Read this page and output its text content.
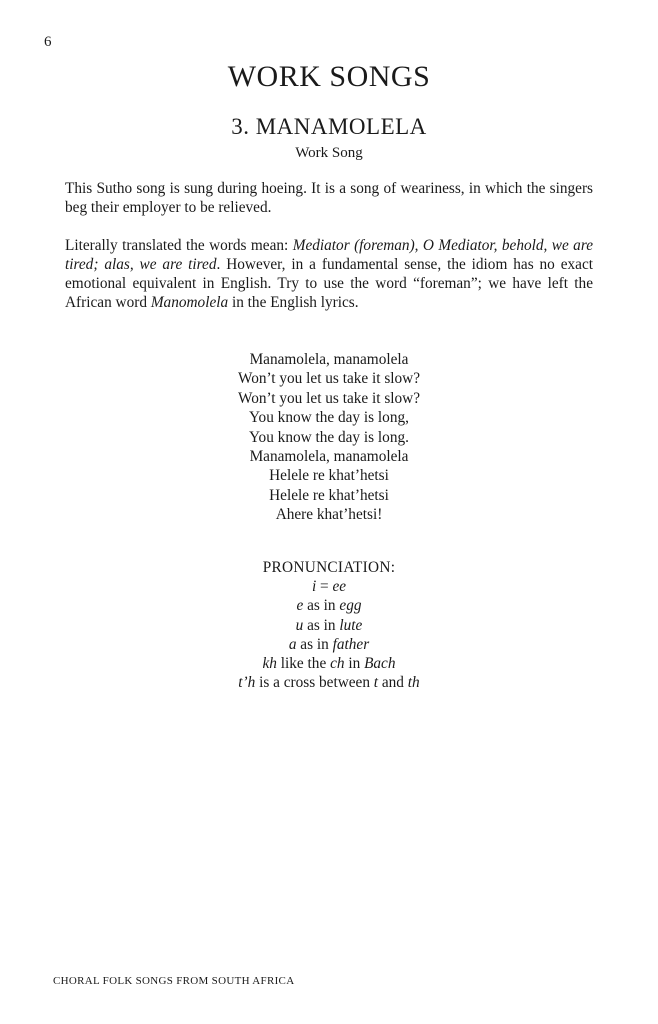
6
WORK SONGS
3. MANAMOLELA
Work Song

This Sutho song is sung during hoeing. It is a song of weariness, in which the singers beg their employer to be relieved.

Literally translated the words mean: Mediator (foreman), O Mediator, behold, we are tired; alas, we are tired. However, in a fundamental sense, the idiom has no exact emotional equivalent in English. Try to use the word “foreman”; we have left the African word Manomolela in the English lyrics.

Manamolela, manamolela
Won’t you let us take it slow?
Won’t you let us take it slow?
You know the day is long,
You know the day is long.
Manamolela, manamolela
Helele re khat’hetsi
Helele re khat’hetsi
Ahere khat’hetsi!
PRONUNCIATION:
i = ee
e as in egg
u as in lute
a as in father
kh like the ch in Bach
t’h is a cross between t and th
CHORAL FOLK SONGS FROM SOUTH AFRICA
